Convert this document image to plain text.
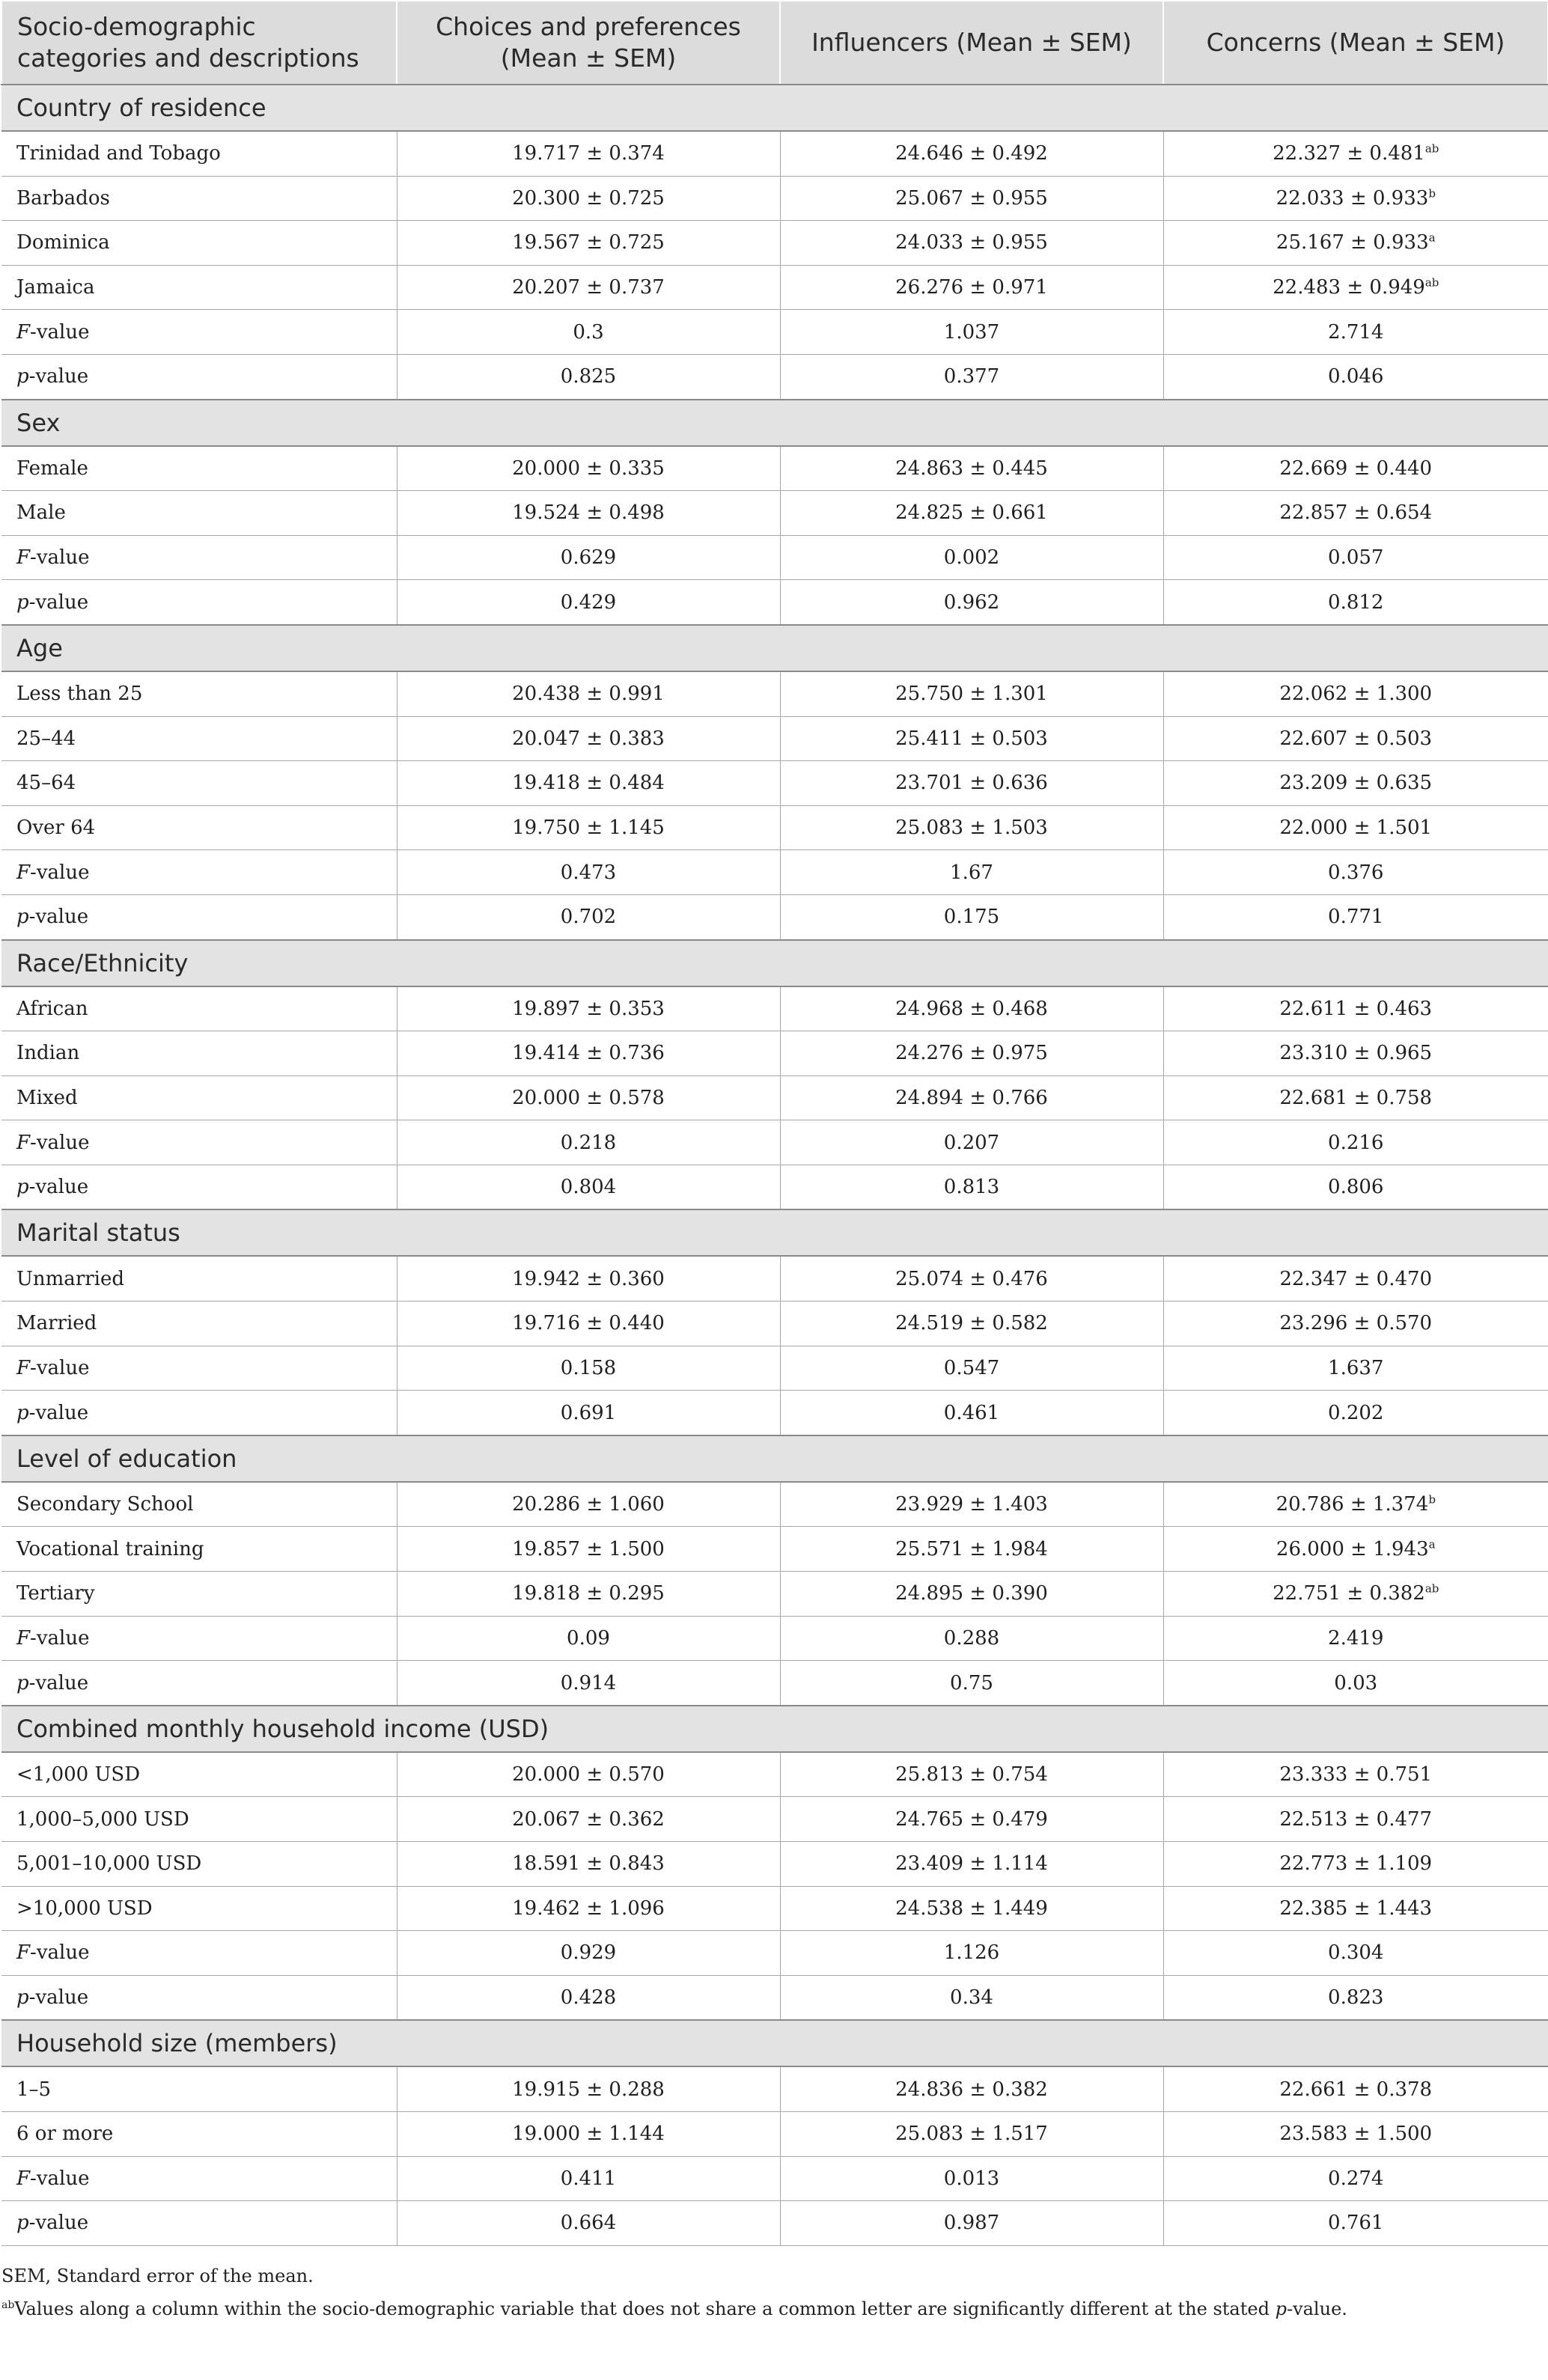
Socio-demographic categories and descriptions	Choices and preferences (Mean ± SEM)	Influencers (Mean ± SEM)	Concerns (Mean ± SEM)
Country of residence			
Trinidad and Tobago	19.717 ± 0.374	24.646 ± 0.492	22.327 ± 0.481$^{ab}$
Barbados	20.300 ± 0.725	25.067 ± 0.955	22.033 ± 0.933$^b$
Dominica	19.567 ± 0.725	24.033 ± 0.955	25.167 ± 0.933$^a$
Jamaica	20.207 ± 0.737	26.276 ± 0.971	22.483 ± 0.949$^{ab}$
F-value	0.3	1.037	2.714
p-value	0.825	0.377	0.046
Sex			
Female	20.000 ± 0.335	24.863 ± 0.445	22.669 ± 0.440
Male	19.524 ± 0.498	24.825 ± 0.661	22.857 ± 0.654
F-value	0.629	0.002	0.057
p-value	0.429	0.962	0.812
Age			
Less than 25	20.438 ± 0.991	25.750 ± 1.301	22.062 ± 1.300
25–44	20.047 ± 0.383	25.411 ± 0.503	22.607 ± 0.503
45–64	19.418 ± 0.484	23.701 ± 0.636	23.209 ± 0.635
Over 64	19.750 ± 1.145	25.083 ± 1.503	22.000 ± 1.501
F-value	0.473	1.67	0.376
p-value	0.702	0.175	0.771
Race/Ethnicity			
African	19.897 ± 0.353	24.968 ± 0.468	22.611 ± 0.463
Indian	19.414 ± 0.736	24.276 ± 0.975	23.310 ± 0.965
Mixed	20.000 ± 0.578	24.894 ± 0.766	22.681 ± 0.758
F-value	0.218	0.207	0.216
p-value	0.804	0.813	0.806
Marital status			
Unmarried	19.942 ± 0.360	25.074 ± 0.476	22.347 ± 0.470
Married	19.716 ± 0.440	24.519 ± 0.582	23.296 ± 0.570
F-value	0.158	0.547	1.637
p-value	0.691	0.461	0.202
Level of education			
Secondary School	20.286 ± 1.060	23.929 ± 1.403	20.786 ± 1.374$^b$
Vocational training	19.857 ± 1.500	25.571 ± 1.984	26.000 ± 1.943$^a$
Tertiary	19.818 ± 0.295	24.895 ± 0.390	22.751 ± 0.382$^{ab}$
F-value	0.09	0.288	2.419
p-value	0.914	0.75	0.03
Combined monthly household income (USD)			
<1,000 USD	20.000 ± 0.570	25.813 ± 0.754	23.333 ± 0.751
1,000–5,000 USD	20.067 ± 0.362	24.765 ± 0.479	22.513 ± 0.477
5,001–10,000 USD	18.591 ± 0.843	23.409 ± 1.114	22.773 ± 1.109
>10,000 USD	19.462 ± 1.096	24.538 ± 1.449	22.385 ± 1.443
F-value	0.929	1.126	0.304
p-value	0.428	0.34	0.823
Household size (members)			
1–5	19.915 ± 0.288	24.836 ± 0.382	22.661 ± 0.378
6 or more	19.000 ± 1.144	25.083 ± 1.517	23.583 ± 1.500
F-value	0.411	0.013	0.274
p-value	0.664	0.987	0.761
SEM, Standard error of the mean.
$^{ab}$Values along a column within the socio-demographic variable that does not share a common letter are significantly different at the stated p-value.
